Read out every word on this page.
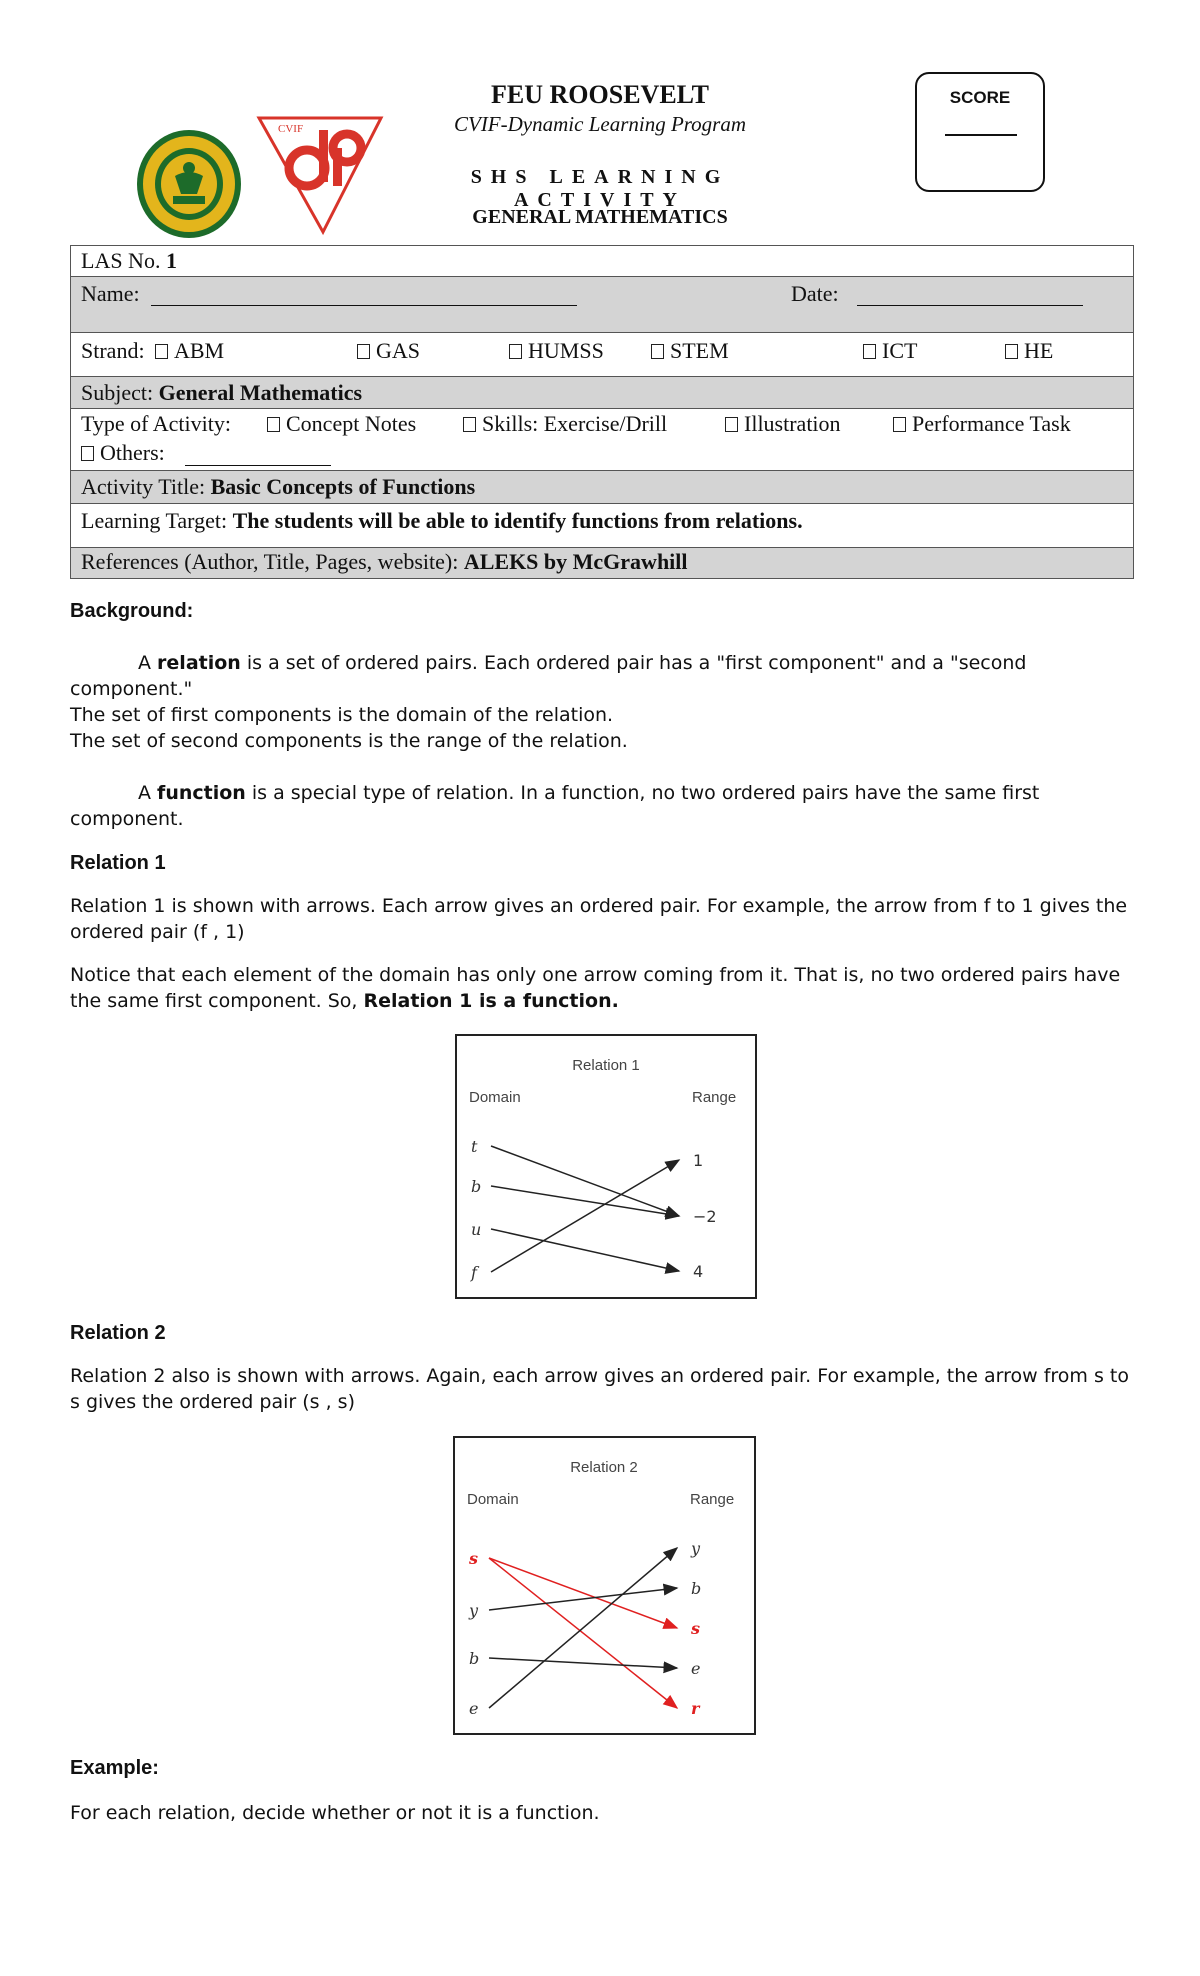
CVIF
FEU ROOSEVELT
CVIF-Dynamic Learning Program
SHS LEARNING ACTIVITY
GENERAL MATHEMATICS
SCORE
LAS No. 1
Name:	Date:
Strand:	ABM	GAS	HUMSS	STEM	ICT	HE
Subject: General Mathematics
Type of Activity:	Concept Notes	Skills: Exercise/Drill	Illustration	Performance Task
Others:
Activity Title: Basic Concepts of Functions
Learning Target: The students will be able to identify functions from relations.
References (Author, Title, Pages, website): ALEKS by McGrawhill
Background:
A relation is a set of ordered pairs. Each ordered pair has a "first component" and a "second component."
The set of first components is the domain of the relation.
The set of second components is the range of the relation.
A function is a special type of relation. In a function, no two ordered pairs have the same first component.
Relation 1
Relation 1 is shown with arrows. Each arrow gives an ordered pair. For example, the arrow from f to 1 gives the ordered pair (f , 1)
Notice that each element of the domain has only one arrow coming from it. That is, no two ordered pairs have the same first component. So, Relation 1 is a function.
Relation 1
Domain	Range
t
b
u
f
1
−2
4
Relation 2
Relation 2 also is shown with arrows. Again, each arrow gives an ordered pair. For example, the arrow from s to s gives the ordered pair (s , s)
Relation 2
Domain	Range
s
y
b
e
y
b
s
e
r
Example:
For each relation, decide whether or not it is a function.
